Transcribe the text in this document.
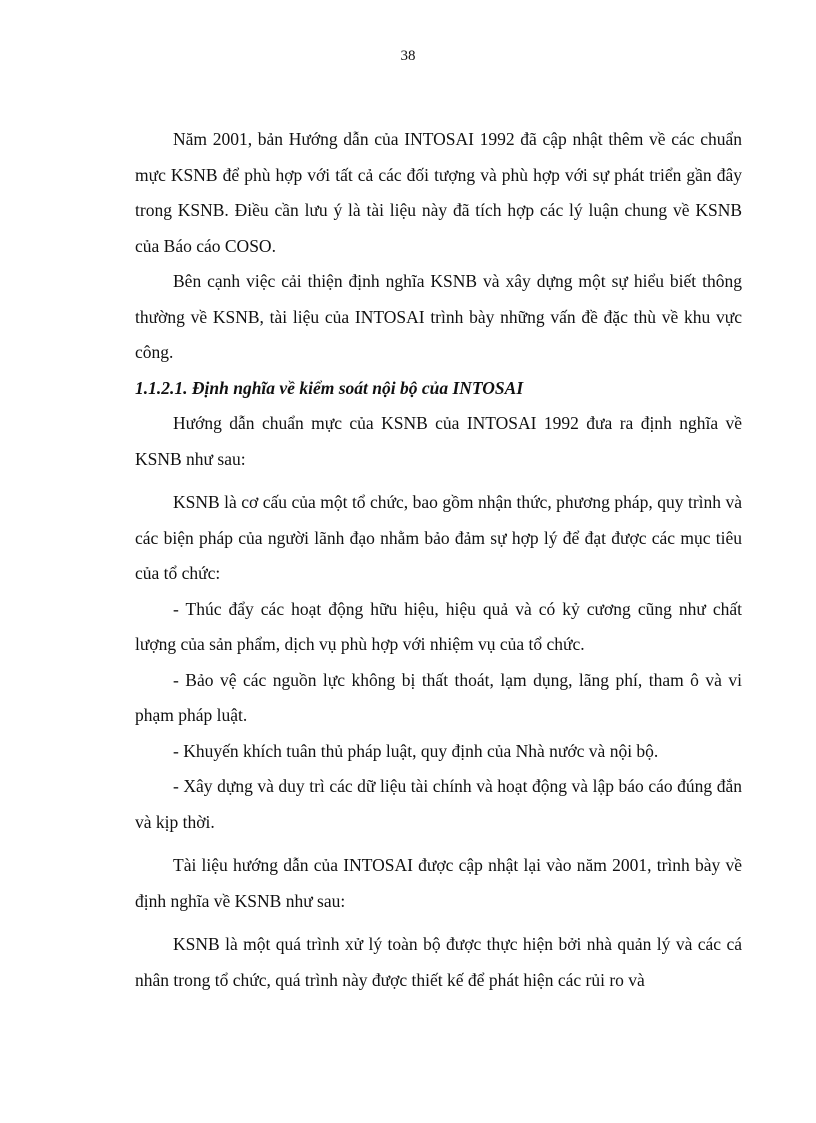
38

Năm 2001, bản Hướng dẫn của INTOSAI 1992 đã cập nhật thêm về các chuẩn mực KSNB để phù hợp với tất cả các đối tượng và phù hợp với sự phát triển gần đây trong KSNB. Điều cần lưu ý là tài liệu này đã tích hợp các lý luận chung về KSNB của Báo cáo COSO.

Bên cạnh việc cải thiện định nghĩa KSNB và xây dựng một sự hiểu biết thông thường về KSNB, tài liệu của INTOSAI trình bày những vấn đề đặc thù về khu vực công.

1.1.2.1. Định nghĩa về kiểm soát nội bộ của INTOSAI

Hướng dẫn chuẩn mực của KSNB của INTOSAI 1992 đưa ra định nghĩa về KSNB như sau:

KSNB là cơ cấu của một tổ chức, bao gồm nhận thức, phương pháp, quy trình và các biện pháp của người lãnh đạo nhằm bảo đảm sự hợp lý để đạt được các mục tiêu của tổ chức:

- Thúc đẩy các hoạt động hữu hiệu, hiệu quả và có kỷ cương cũng như chất lượng của sản phẩm, dịch vụ phù hợp với nhiệm vụ của tổ chức.

- Bảo vệ các nguồn lực không bị thất thoát, lạm dụng, lãng phí, tham ô và vi phạm pháp luật.

- Khuyến khích tuân thủ pháp luật, quy định của Nhà nước và nội bộ.

- Xây dựng và duy trì các dữ liệu tài chính và hoạt động và lập báo cáo đúng đắn và kịp thời.

Tài liệu hướng dẫn của INTOSAI được cập nhật lại vào năm 2001, trình bày về định nghĩa về KSNB như sau:

KSNB là một quá trình xử lý toàn bộ được thực hiện bởi nhà quản lý và các cá nhân trong tổ chức, quá trình này được thiết kế để phát hiện các rủi ro và
